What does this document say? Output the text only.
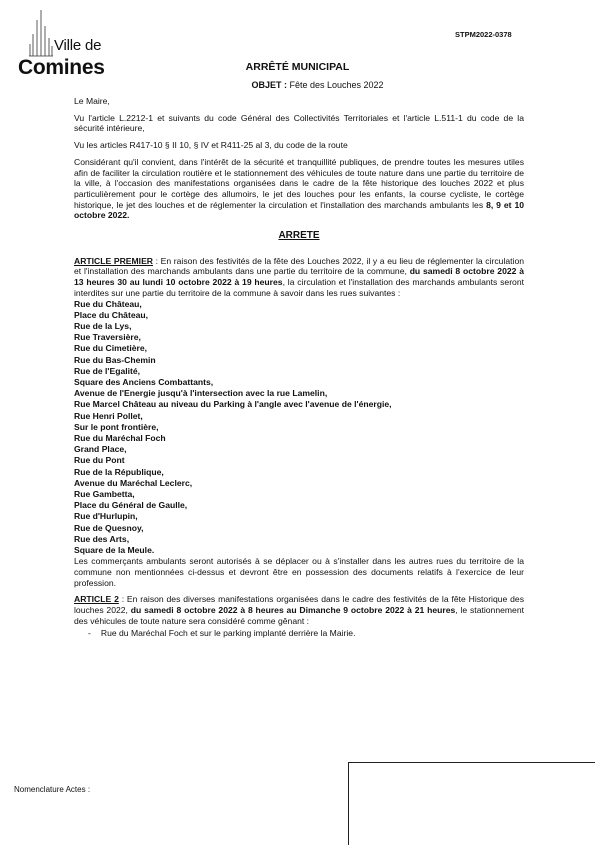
Ville de
Comines
STPM2022-0378
ARRÊTÉ MUNICIPAL
OBJET : Fête des Louches 2022

Le Maire,

Vu l'article L.2212-1 et suivants du code Général des Collectivités Territoriales et l'article L.511-1 du code de la sécurité intérieure,

Vu les articles R417-10 § II 10, § IV et R411-25 al 3, du code de la route

Considérant qu'il convient, dans l'intérêt de la sécurité et tranquillité publiques, de prendre toutes les mesures utiles afin de faciliter la circulation routière et le stationnement des véhicules de toute nature dans une partie du territoire de la ville, à l'occasion des manifestations organisées dans le cadre de la fête historique des louches 2022 et plus particulièrement pour le cortège des allumoirs, le jet des louches pour les enfants, la course cycliste, le cortège historique, le jet des louches et de réglementer la circulation et l'installation des marchands ambulants les 8, 9 et 10 octobre 2022.

ARRETE

ARTICLE PREMIER : En raison des festivités de la fête des Louches 2022, il y a eu lieu de réglementer la circulation et l'installation des marchands ambulants dans une partie du territoire de la commune, du samedi 8 octobre 2022 à 13 heures 30 au lundi 10 octobre 2022 à 19 heures, la circulation et l'installation des marchands ambulants seront interdites sur une partie du territoire de la commune à savoir dans les rues suivantes :

Rue du Château,
Place du Château,
Rue de la Lys,
Rue Traversière,
Rue du Cimetière,
Rue du Bas-Chemin
Rue de l'Egalité,
Square des Anciens Combattants,
Avenue de l'Energie jusqu'à l'intersection avec la rue Lamelin,
Rue Marcel Château au niveau du Parking à l'angle avec l'avenue de l'énergie,
Rue Henri Pollet,
Sur le pont frontière,
Rue du Maréchal Foch
Grand Place,
Rue du Pont
Rue de la République,
Avenue du Maréchal Leclerc,
Rue Gambetta,
Place du Général de Gaulle,
Rue d'Hurlupin,
Rue de Quesnoy,
Rue des Arts,
Square de la Meule.

Les commerçants ambulants seront autorisés à se déplacer ou à s'installer dans les autres rues du territoire de la commune non mentionnées ci-dessus et devront être en possession des documents relatifs à l'exercice de leur profession.

ARTICLE 2 : En raison des diverses manifestations organisées dans le cadre des festivités de la fête Historique des louches 2022, du samedi 8 octobre 2022 à 8 heures au Dimanche 9 octobre 2022 à 21 heures, le stationnement des véhicules de toute nature sera considéré comme gênant :

- Rue du Maréchal Foch et sur le parking implanté derrière la Mairie.
Nomenclature Actes :
